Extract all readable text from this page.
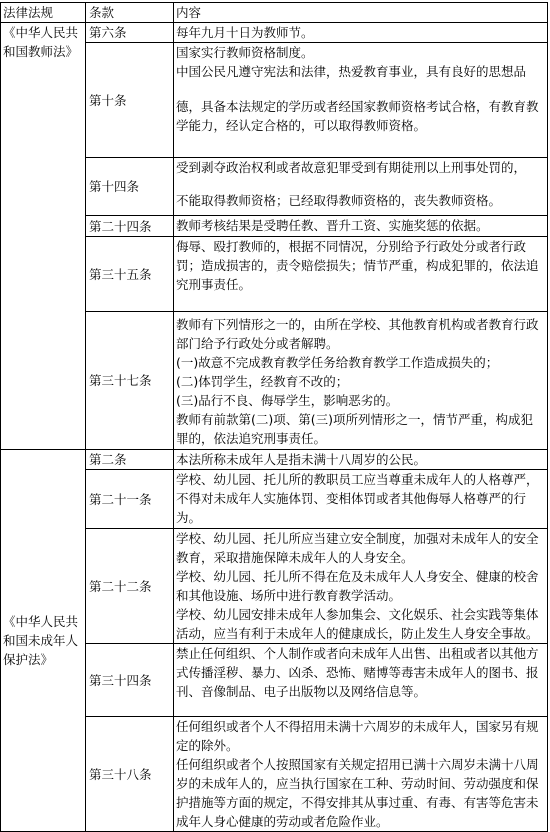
法律法规	条款	内容
《中华人民共和国教师法》	第六条	每年九月十日为教师节。

	第十条	国家实行教师资格制度。
中国公民凡遵守宪法和法律，热爱教育事业，具有良好的思想品
德，具备本法规定的学历或者经国家教师资格考试合格，有教育教学能力，经认定合格的，可以取得教师资格。

	第十四条	受到剥夺政治权利或者故意犯罪受到有期徒刑以上刑事处罚的，
不能取得教师资格；已经取得教师资格的，丧失教师资格。

	第二十四条	教师考核结果是受聘任教、晋升工资、实施奖惩的依据。

	第三十五条	侮辱、殴打教师的，根据不同情况，分别给予行政处分或者行政罚；造成损害的，责令赔偿损失；情节严重，构成犯罪的，依法追究刑事责任。

	第三十七条	教师有下列情形之一的，由所在学校、其他教育机构或者教育行政部门给予行政处分或者解聘。
(一)故意不完成教育教学任务给教育教学工作造成损失的；
(二)体罚学生，经教育不改的；
(三)品行不良、侮辱学生，影响恶劣的。
教师有前款第(二)项、第(三)项所列情形之一，情节严重，构成犯罪的，依法追究刑事责任。

《中华人民共和国未成年人保护法》	第二条	本法所称未成年人是指未满十八周岁的公民。

	第二十一条	学校、幼儿园、托儿所的教职员工应当尊重未成年人的人格尊严，不得对未成年人实施体罚、变相体罚或者其他侮辱人格尊严的行为。

	第二十二条	学校、幼儿园、托儿所应当建立安全制度，加强对未成年人的安全教育，采取措施保障未成年人的人身安全。
学校、幼儿园、托儿所不得在危及未成年人人身安全、健康的校舍和其他设施、场所中进行教育教学活动。
学校、幼儿园安排未成年人参加集会、文化娱乐、社会实践等集体活动，应当有利于未成年人的健康成长，防止发生人身安全事故。

	第三十四条	禁止任何组织、个人制作或者向未成年人出售、出租或者以其他方式传播淫秽、暴力、凶杀、恐怖、赌博等毒害未成年人的图书、报刊、音像制品、电子出版物以及网络信息等。

	第三十八条	任何组织或者个人不得招用未满十六周岁的未成年人，国家另有规定的除外。
任何组织或者个人按照国家有关规定招用已满十六周岁未满十八周岁的未成年人的，应当执行国家在工种、劳动时间、劳动强度和保护措施等方面的规定，不得安排其从事过重、有毒、有害等危害未成年人身心健康的劳动或者危险作业。
